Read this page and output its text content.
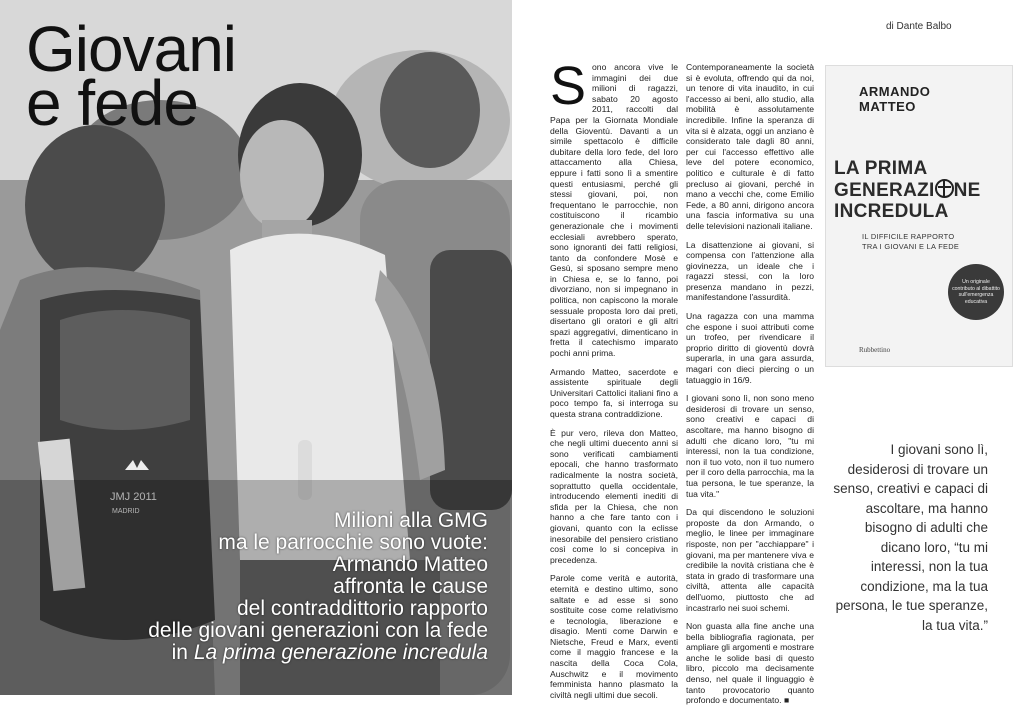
Giovani
e fede

Milioni alla GMG
ma le parrocchie sono vuote:
Armando Matteo
affronta le cause
del contraddittorio rapporto
delle giovani generazioni con la fede
in La prima generazione incredula

di Dante Balbo

Sono ancora vive le immagini dei due milioni di ragazzi, sabato 20 agosto 2011, raccolti dal Papa per la Giornata Mondiale della Gioventù. Davanti a un simile spettacolo è difficile dubitare della loro fede, del loro attaccamento alla Chiesa, eppure i fatti sono lì a smentire questi entusiasmi, perché gli stessi giovani, poi, non frequentano le parrocchie, non costituiscono il ricambio generazionale che i movimenti ecclesiali avrebbero sperato, sono ignoranti dei fatti religiosi, tanto da confondere Mosè e Gesù, si sposano sempre meno in Chiesa e, se lo fanno, poi divorziano, non si impegnano in politica, non capiscono la morale sessuale proposta loro dai preti, disertano gli oratori e gli altri spazi aggregativi, dimenticano in fretta il catechismo imparato pochi anni prima.

Armando Matteo, sacerdote e assistente spirituale degli Universitari Cattolici italiani fino a poco tempo fa, si interroga su questa strana contraddizione.

È pur vero, rileva don Matteo, che negli ultimi duecento anni si sono verificati cambiamenti epocali, che hanno trasformato radicalmente la nostra società, soprattutto quella occidentale, introducendo elementi inediti di sfida per la Chiesa, che non hanno a che fare tanto con i giovani, quanto con la eclisse inesorabile del pensiero cristiano così come lo si concepiva in precedenza.

Parole come verità e autorità, eternità e destino ultimo, sono saltate e ad esse si sono sostituite cose come relativismo e tecnologia, liberazione e disagio. Menti come Darwin e Nietsche, Freud e Marx, eventi come il maggio francese e la nascita della Coca Cola, Auschwitz e il movimento femminista hanno plasmato la civiltà negli ultimi due secoli.

Contemporaneamente la società si è evoluta, offrendo qui da noi, un tenore di vita inaudito, in cui l'accesso ai beni, allo studio, alla mobilità è assolutamente incredibile. Infine la speranza di vita si è alzata, oggi un anziano è considerato tale dagli 80 anni, per cui l'accesso effettivo alle leve del potere economico, politico e culturale è di fatto precluso ai giovani, perché in mano a vecchi che, come Emilio Fede, a 80 anni, dirigono ancora una fascia informativa su una delle televisioni nazionali italiane.

La disattenzione ai giovani, si compensa con l'attenzione alla giovinezza, un ideale che i ragazzi stessi, con la loro presenza mandano in pezzi, manifestandone l'assurdità.

Una ragazza con una mamma che espone i suoi attributi come un trofeo, per rivendicare il proprio diritto di gioventù dovrà superarla, in una gara assurda, magari con dieci piercing o un tatuaggio in 16/9.

I giovani sono lì, non sono meno desiderosi di trovare un senso, sono creativi e capaci di ascoltare, ma hanno bisogno di adulti che dicano loro, "tu mi interessi, non la tua condizione, non il tuo voto, non il tuo numero per il coro della parrocchia, ma la tua persona, le tue speranze, la tua vita."

Da qui discendono le soluzioni proposte da don Armando, o meglio, le linee per immaginare risposte, non per "acchiappare" i giovani, ma per mantenere viva e credibile la novità cristiana che è stata in grado di trasformare una civiltà, attenta alle capacità dell'uomo, piuttosto che ad incastrarlo nei suoi schemi.

Non guasta alla fine anche una bella bibliografia ragionata, per ampliare gli argomenti e mostrare anche le solide basi di questo libro, piccolo ma decisamente denso, nel quale il linguaggio è tanto provocatorio quanto profondo e documentato. ■

ARMANDO
MATTEO
LA PRIMA
GENERAZI NE
INCREDULA
IL DIFFICILE RAPPORTO
TRA I GIOVANI E LA FEDE
Un originale contributo al dibattito sull'emergenza educativa
Rubbettino

I giovani sono lì, desiderosi di trovare un senso, creativi e capaci di ascoltare, ma hanno bisogno di adulti che dicano loro, “tu mi interessi, non la tua condizione, ma la tua persona, le tue speranze, la tua vita.”
